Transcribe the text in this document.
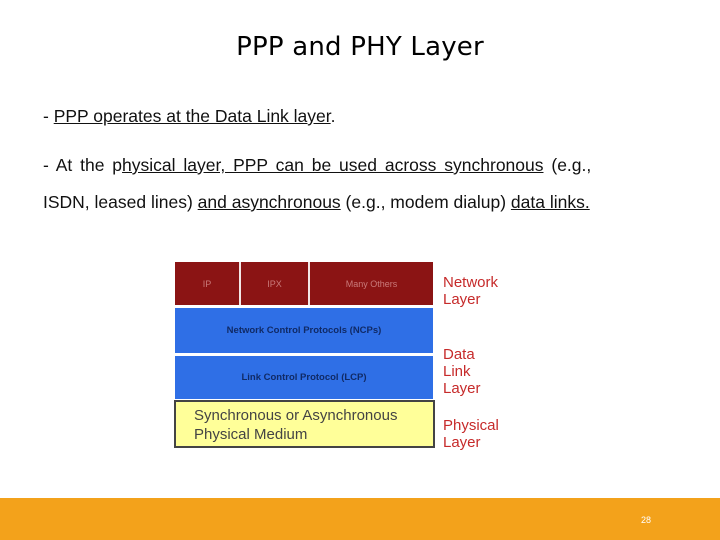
PPP and PHY Layer
- PPP operates at the Data Link layer.
- At the physical layer, PPP can be used across synchronous (e.g.,
ISDN, leased lines) and asynchronous (e.g., modem dialup) data links.
IP	IPX	Many Others
Network Control Protocols (NCPs)
Link Control Protocol (LCP)
Synchronous or Asynchronous
Physical Medium
Network Layer
Data Link Layer
Physical Layer
28
